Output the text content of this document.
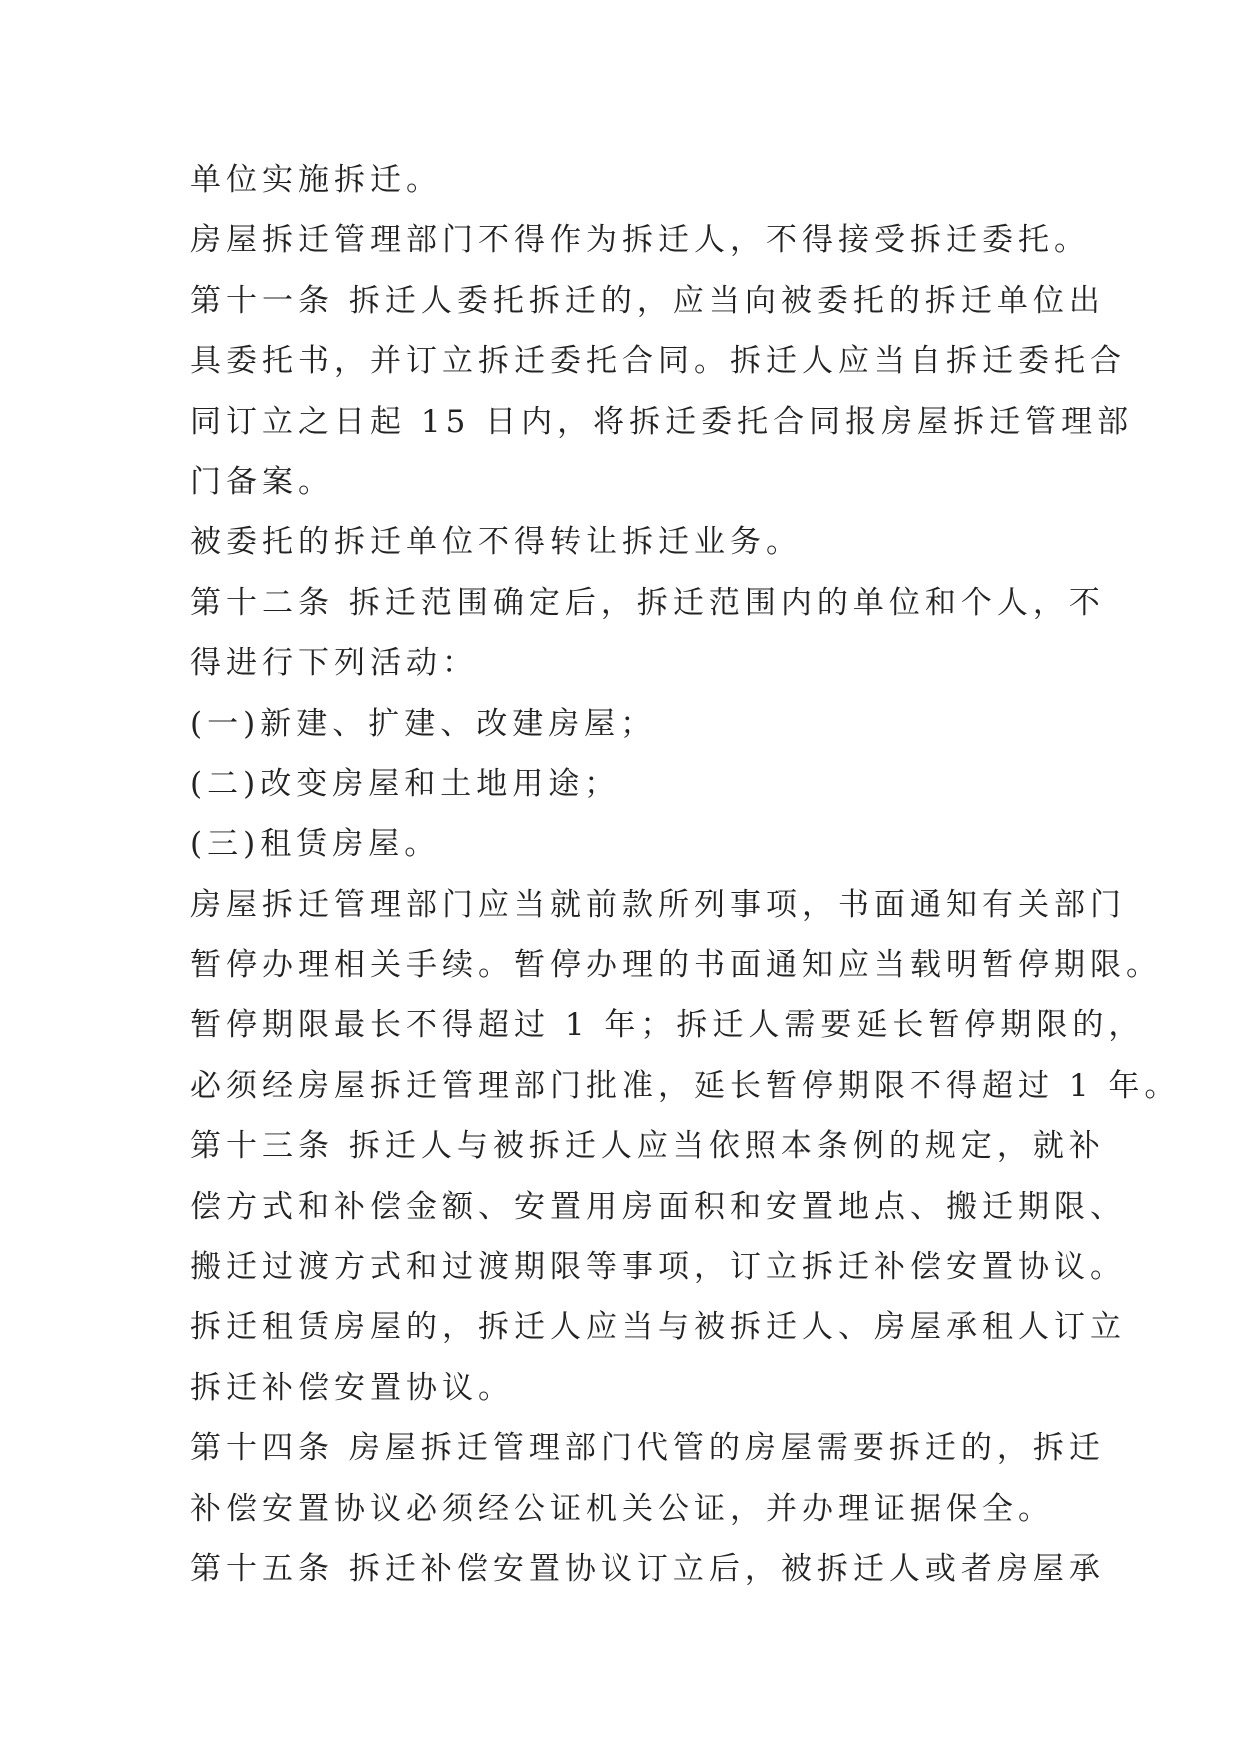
单位实施拆迁。
房屋拆迁管理部门不得作为拆迁人，不得接受拆迁委托。
第十一条 拆迁人委托拆迁的，应当向被委托的拆迁单位出
具委托书，并订立拆迁委托合同。拆迁人应当自拆迁委托合
同订立之日起 15 日内，将拆迁委托合同报房屋拆迁管理部
门备案。
被委托的拆迁单位不得转让拆迁业务。
第十二条 拆迁范围确定后，拆迁范围内的单位和个人，不
得进行下列活动：
(一)新建、扩建、改建房屋；
(二)改变房屋和土地用途；
(三)租赁房屋。
房屋拆迁管理部门应当就前款所列事项，书面通知有关部门
暂停办理相关手续。暂停办理的书面通知应当载明暂停期限。
暂停期限最长不得超过 1 年；拆迁人需要延长暂停期限的，
必须经房屋拆迁管理部门批准，延长暂停期限不得超过 1 年。
第十三条 拆迁人与被拆迁人应当依照本条例的规定，就补
偿方式和补偿金额、安置用房面积和安置地点、搬迁期限、
搬迁过渡方式和过渡期限等事项，订立拆迁补偿安置协议。
拆迁租赁房屋的，拆迁人应当与被拆迁人、房屋承租人订立
拆迁补偿安置协议。
第十四条 房屋拆迁管理部门代管的房屋需要拆迁的，拆迁
补偿安置协议必须经公证机关公证，并办理证据保全。
第十五条 拆迁补偿安置协议订立后，被拆迁人或者房屋承
